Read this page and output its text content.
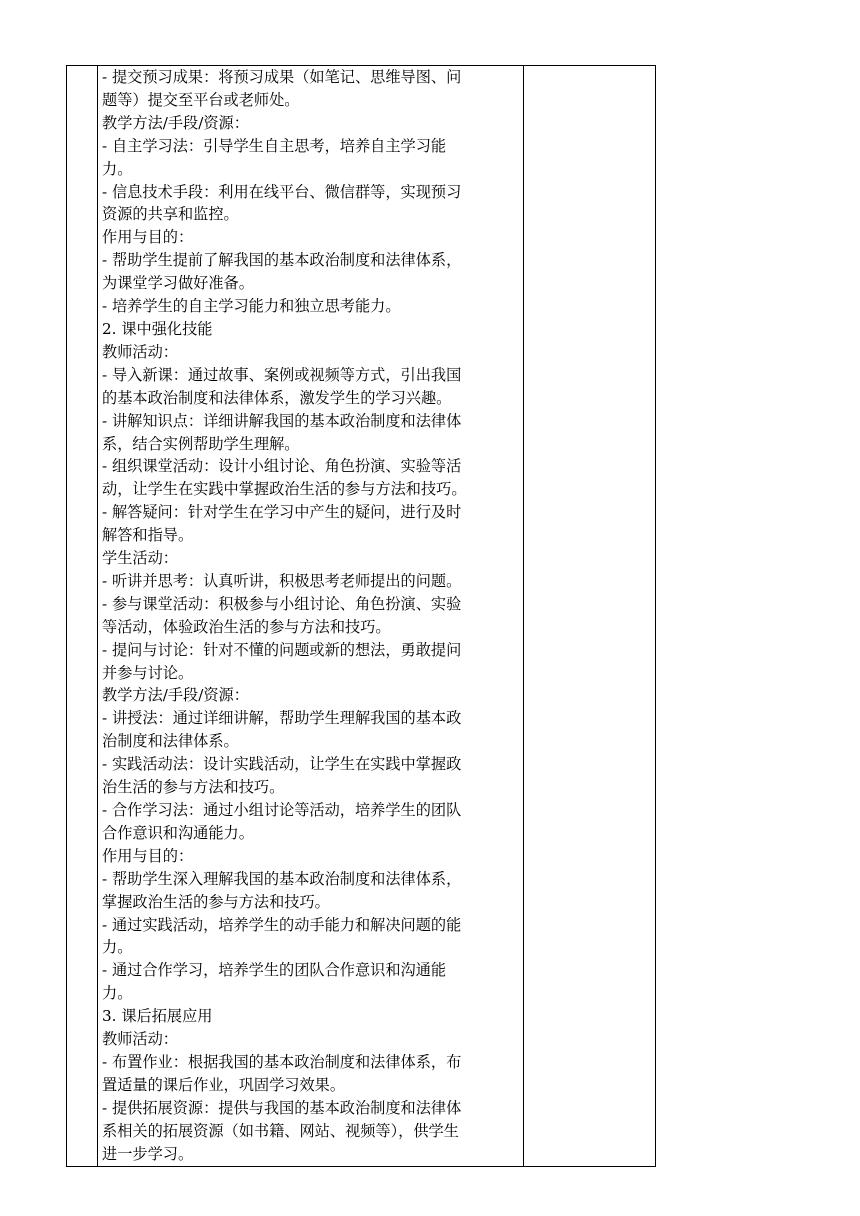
- 提交预习成果：将预习成果（如笔记、思维导图、问
题等）提交至平台或老师处。
教学方法/手段/资源：
- 自主学习法：引导学生自主思考，培养自主学习能
力。
- 信息技术手段：利用在线平台、微信群等，实现预习
资源的共享和监控。
作用与目的：
- 帮助学生提前了解我国的基本政治制度和法律体系，
为课堂学习做好准备。
- 培养学生的自主学习能力和独立思考能力。
2. 课中强化技能
教师活动：
- 导入新课：通过故事、案例或视频等方式，引出我国
的基本政治制度和法律体系，激发学生的学习兴趣。
- 讲解知识点：详细讲解我国的基本政治制度和法律体
系，结合实例帮助学生理解。
- 组织课堂活动：设计小组讨论、角色扮演、实验等活
动，让学生在实践中掌握政治生活的参与方法和技巧。
- 解答疑问：针对学生在学习中产生的疑问，进行及时
解答和指导。
学生活动：
- 听讲并思考：认真听讲，积极思考老师提出的问题。
- 参与课堂活动：积极参与小组讨论、角色扮演、实验
等活动，体验政治生活的参与方法和技巧。
- 提问与讨论：针对不懂的问题或新的想法，勇敢提问
并参与讨论。
教学方法/手段/资源：
- 讲授法：通过详细讲解，帮助学生理解我国的基本政
治制度和法律体系。
- 实践活动法：设计实践活动，让学生在实践中掌握政
治生活的参与方法和技巧。
- 合作学习法：通过小组讨论等活动，培养学生的团队
合作意识和沟通能力。
作用与目的：
- 帮助学生深入理解我国的基本政治制度和法律体系，
掌握政治生活的参与方法和技巧。
- 通过实践活动，培养学生的动手能力和解决问题的能
力。
- 通过合作学习，培养学生的团队合作意识和沟通能
力。
3. 课后拓展应用
教师活动：
- 布置作业：根据我国的基本政治制度和法律体系，布
置适量的课后作业，巩固学习效果。
- 提供拓展资源：提供与我国的基本政治制度和法律体
系相关的拓展资源（如书籍、网站、视频等），供学生
进一步学习。
